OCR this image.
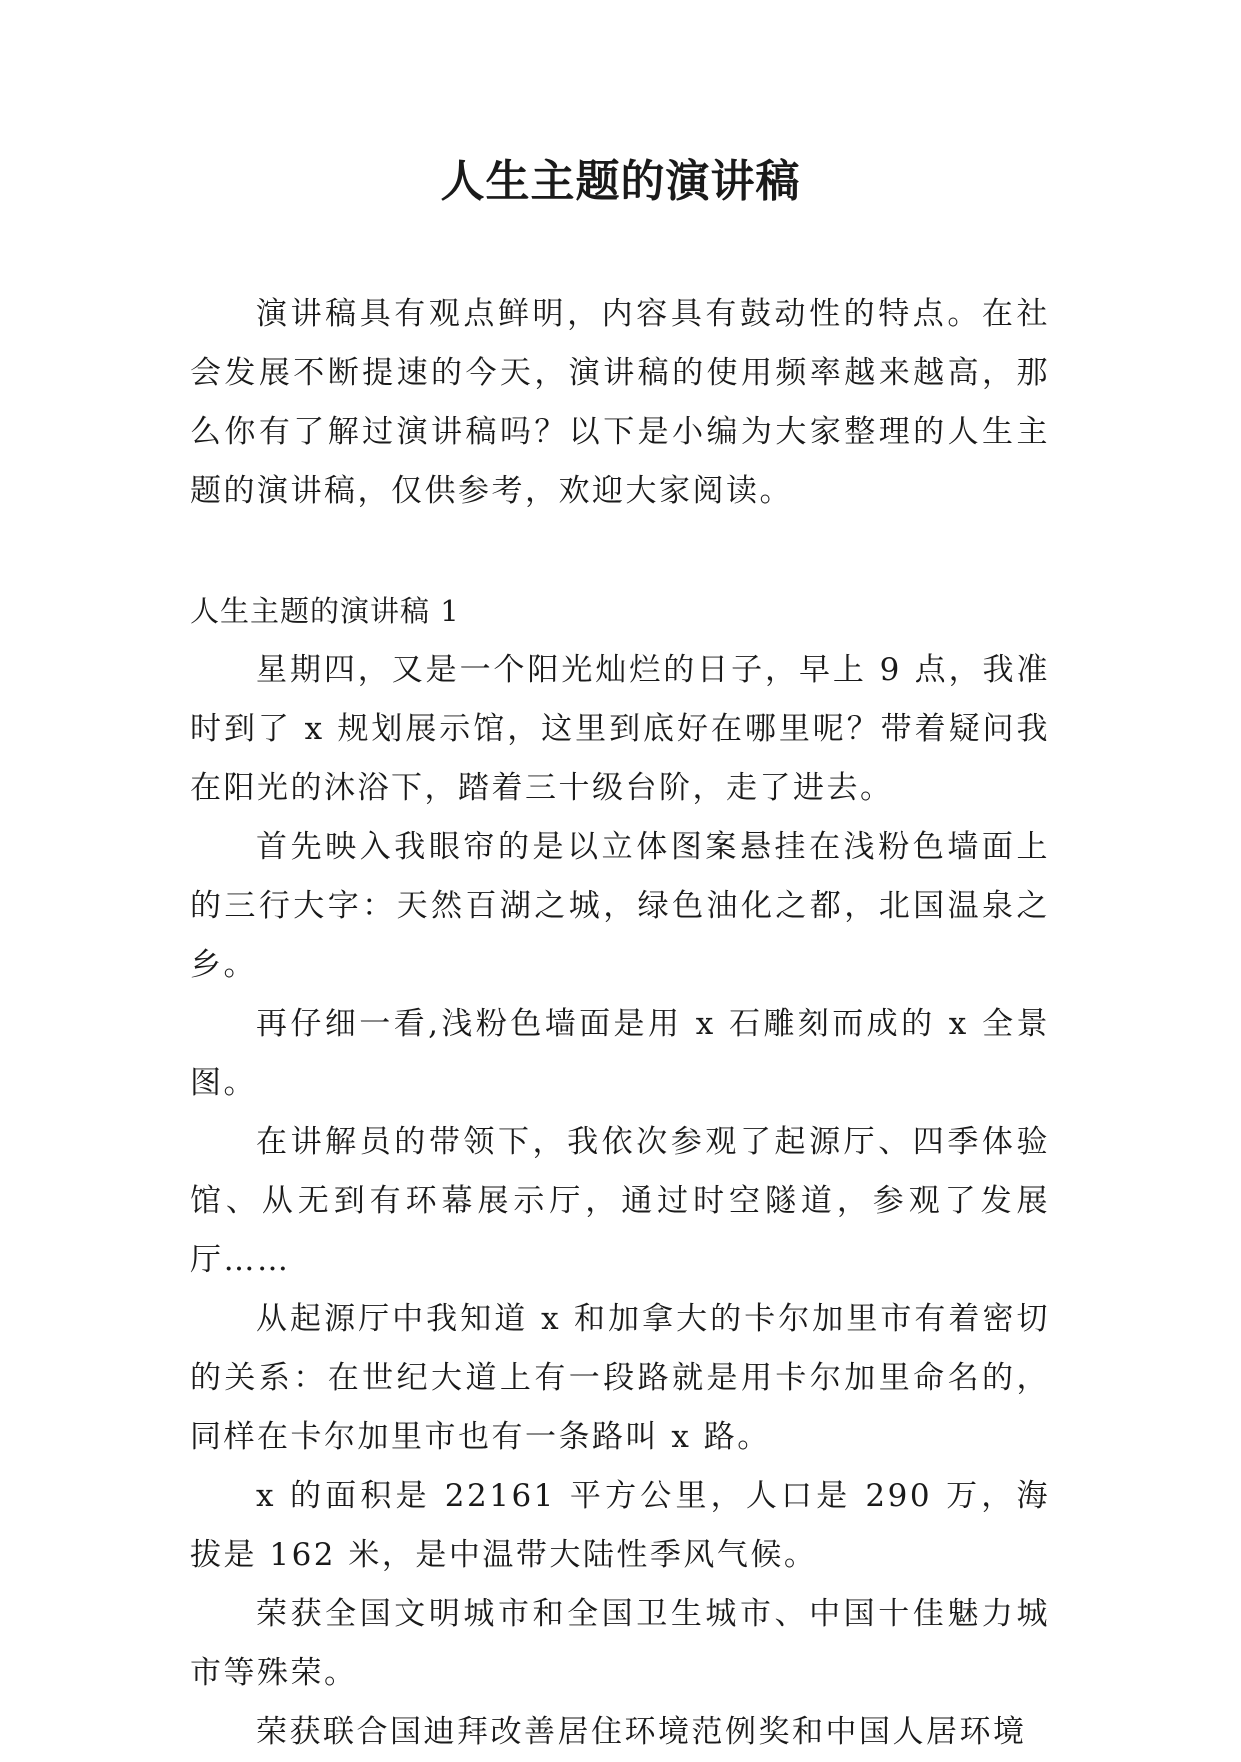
人生主题的演讲稿

演讲稿具有观点鲜明，内容具有鼓动性的特点。在社会发展不断提速的今天，演讲稿的使用频率越来越高，那么你有了解过演讲稿吗？以下是小编为大家整理的人生主题的演讲稿，仅供参考，欢迎大家阅读。

人生主题的演讲稿 1

星期四，又是一个阳光灿烂的日子，早上 9 点，我准时到了 x 规划展示馆，这里到底好在哪里呢？带着疑问我在阳光的沐浴下，踏着三十级台阶，走了进去。

首先映入我眼帘的是以立体图案悬挂在浅粉色墙面上的三行大字：天然百湖之城，绿色油化之都，北国温泉之乡。

再仔细一看,浅粉色墙面是用 x 石雕刻而成的 x 全景图。

在讲解员的带领下，我依次参观了起源厅、四季体验馆、从无到有环幕展示厅，通过时空隧道，参观了发展厅……

从起源厅中我知道 x 和加拿大的卡尔加里市有着密切的关系：在世纪大道上有一段路就是用卡尔加里命名的，同样在卡尔加里市也有一条路叫 x 路。

x 的面积是 22161 平方公里，人口是 290 万，海拔是 162 米，是中温带大陆性季风气候。

荣获全国文明城市和全国卫生城市、中国十佳魅力城市等殊荣。

荣获联合国迪拜改善居住环境范例奖和中国人居环境
